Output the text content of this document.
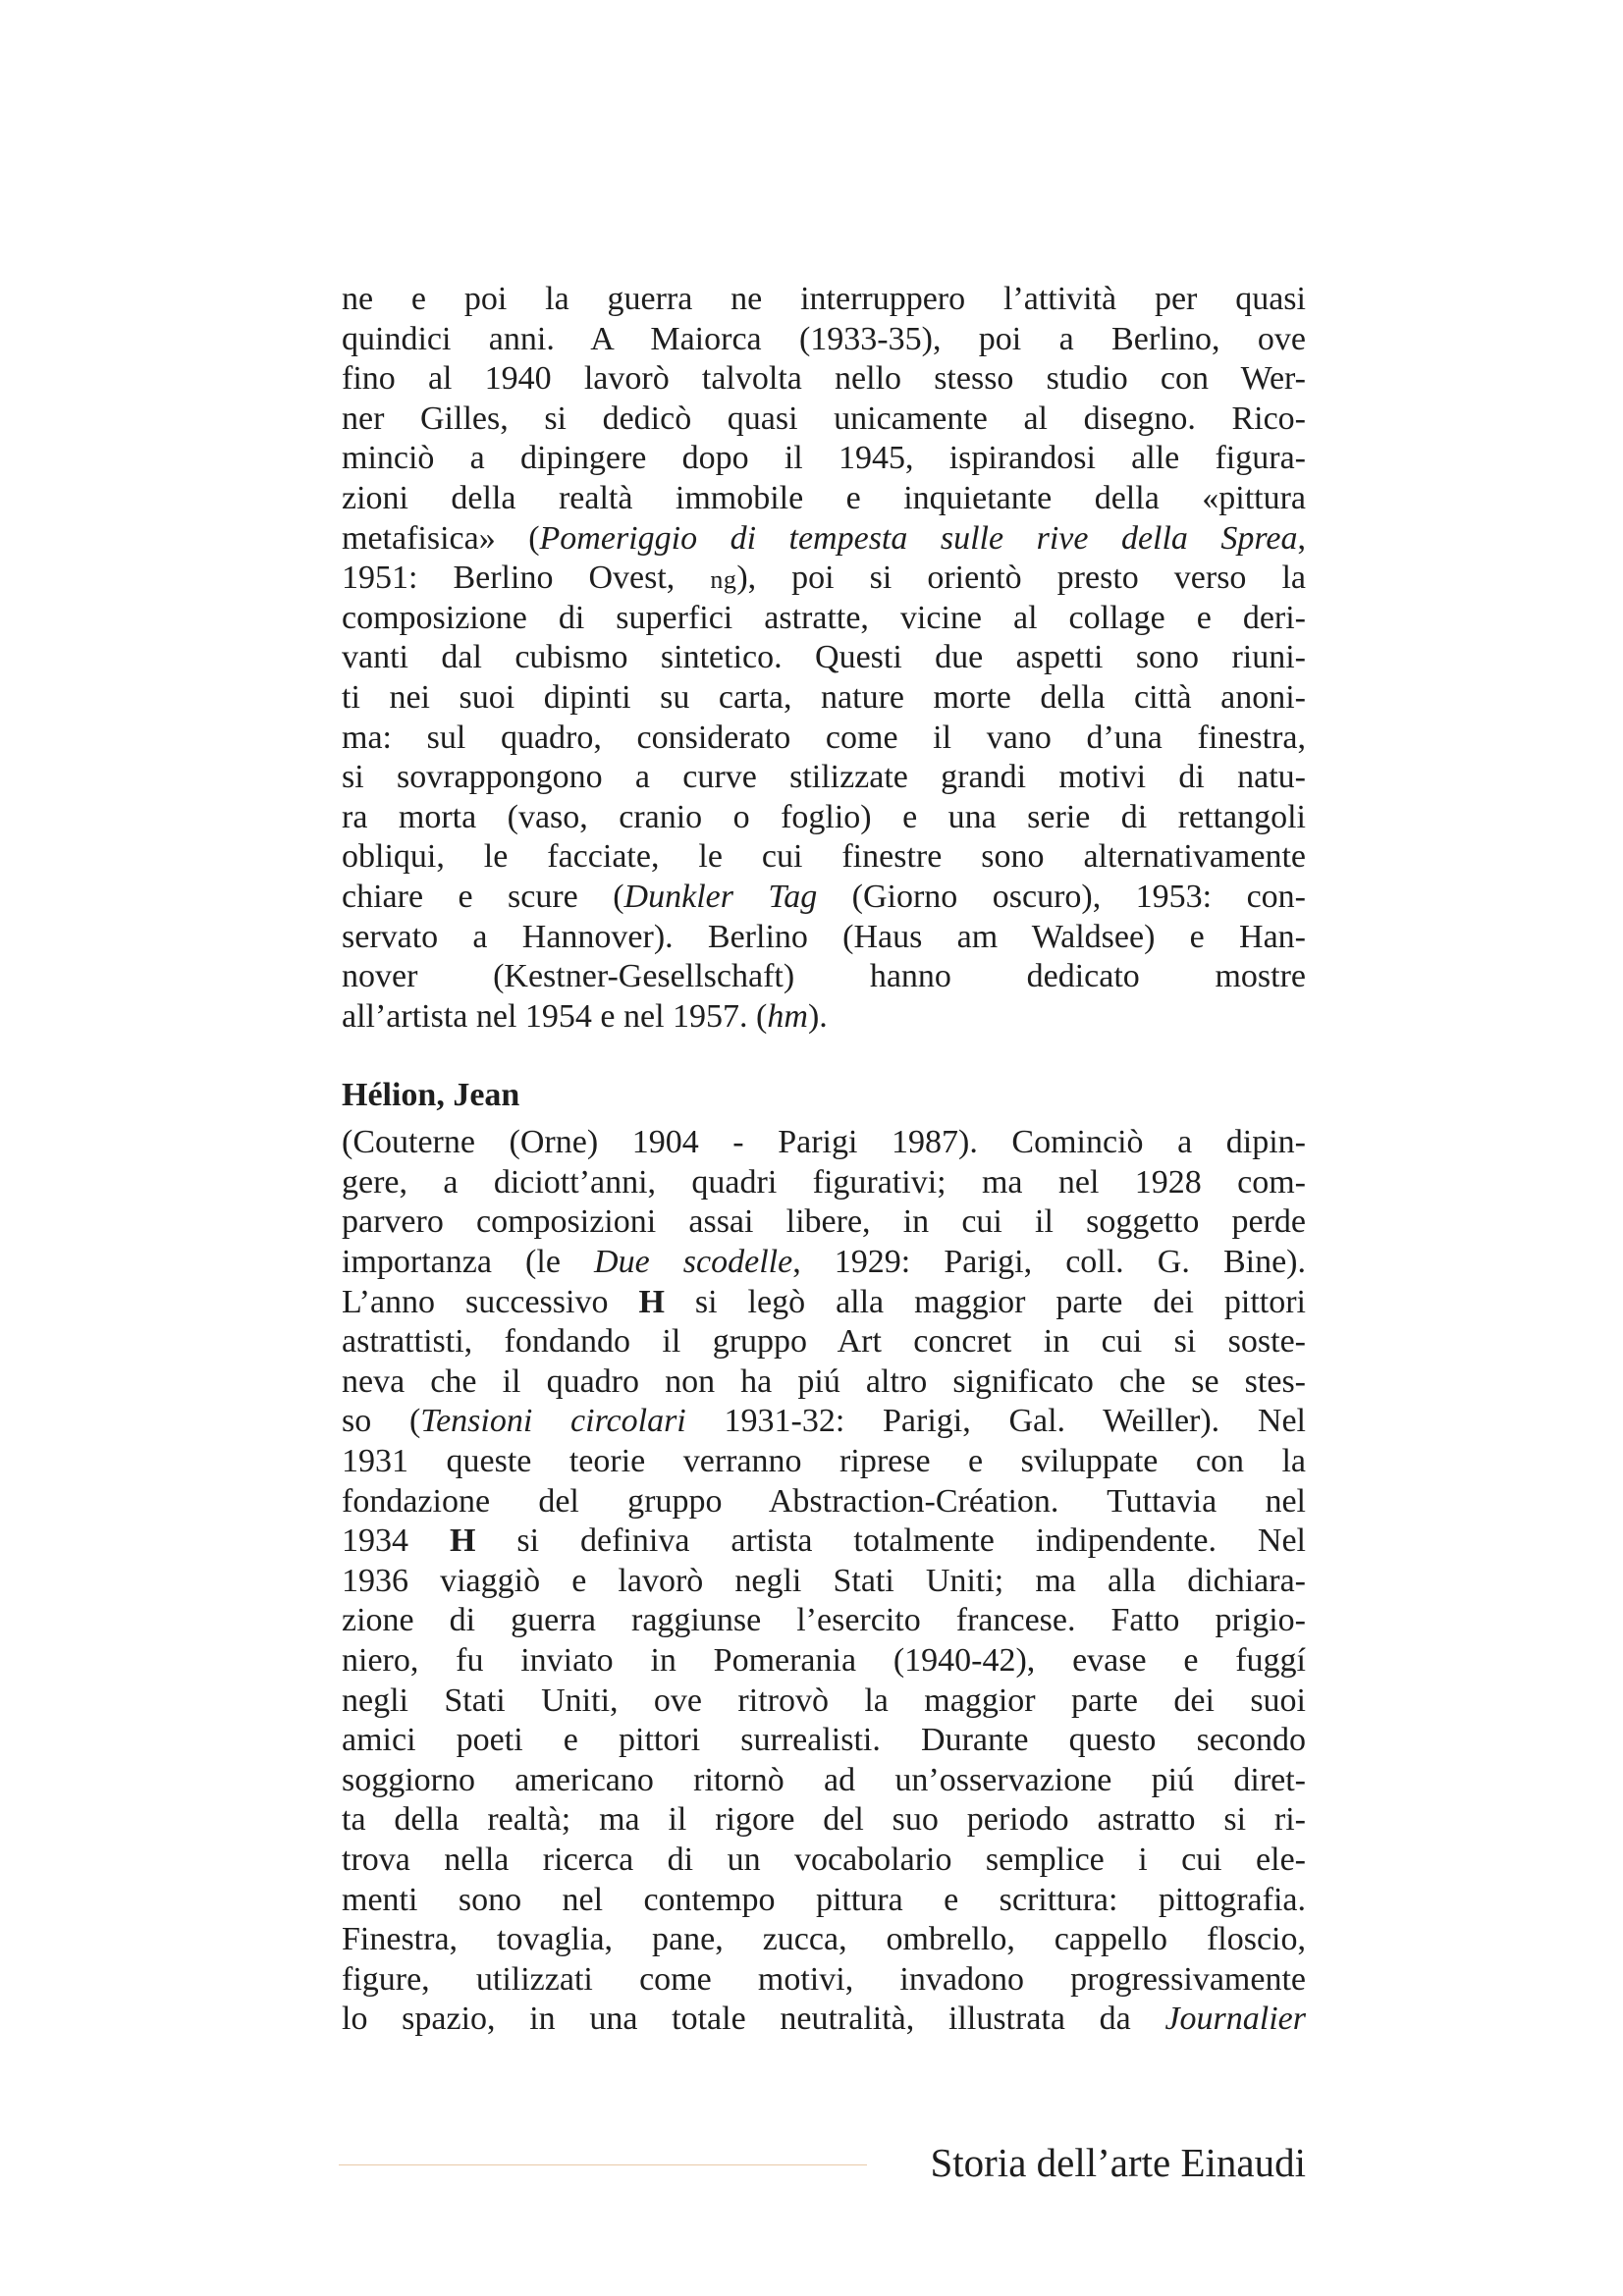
ne e poi la guerra ne interruppero l’attività per quasi
quindici anni. A Maiorca (1933-35), poi a Berlino, ove
fino al 1940 lavorò talvolta nello stesso studio con Wer-
ner Gilles, si dedicò quasi unicamente al disegno. Rico-
minciò a dipingere dopo il 1945, ispirandosi alle figura-
zioni della realtà immobile e inquietante della «pittura
metafisica» (Pomeriggio di tempesta sulle rive della Sprea,
1951: Berlino Ovest, ng), poi si orientò presto verso la
composizione di superfici astratte, vicine al collage e deri-
vanti dal cubismo sintetico. Questi due aspetti sono riuni-
ti nei suoi dipinti su carta, nature morte della città anoni-
ma: sul quadro, considerato come il vano d’una finestra,
si sovrappongono a curve stilizzate grandi motivi di natu-
ra morta (vaso, cranio o foglio) e una serie di rettangoli
obliqui, le facciate, le cui finestre sono alternativamente
chiare e scure (Dunkler Tag (Giorno oscuro), 1953: con-
servato a Hannover). Berlino (Haus am Waldsee) e Han-
nover (Kestner-Gesellschaft) hanno dedicato mostre
all’artista nel 1954 e nel 1957. (hm).
Hélion, Jean
(Couterne (Orne) 1904 - Parigi 1987). Cominciò a dipin-
gere, a diciott’anni, quadri figurativi; ma nel 1928 com-
parvero composizioni assai libere, in cui il soggetto perde
importanza (le Due scodelle, 1929: Parigi, coll. G. Bine).
L’anno successivo H si legò alla maggior parte dei pittori
astrattisti, fondando il gruppo Art concret in cui si soste-
neva che il quadro non ha piú altro significato che se stes-
so (Tensioni circolari 1931-32: Parigi, Gal. Weiller). Nel
1931 queste teorie verranno riprese e sviluppate con la
fondazione del gruppo Abstraction-Création. Tuttavia nel
1934 H si definiva artista totalmente indipendente. Nel
1936 viaggiò e lavorò negli Stati Uniti; ma alla dichiara-
zione di guerra raggiunse l’esercito francese. Fatto prigio-
niero, fu inviato in Pomerania (1940-42), evase e fuggí
negli Stati Uniti, ove ritrovò la maggior parte dei suoi
amici poeti e pittori surrealisti. Durante questo secondo
soggiorno americano ritornò ad un’osservazione piú diret-
ta della realtà; ma il rigore del suo periodo astratto si ri-
trova nella ricerca di un vocabolario semplice i cui ele-
menti sono nel contempo pittura e scrittura: pittografia.
Finestra, tovaglia, pane, zucca, ombrello, cappello floscio,
figure, utilizzati come motivi, invadono progressivamente
lo spazio, in una totale neutralità, illustrata da Journalier
Storia dell’arte Einaudi
